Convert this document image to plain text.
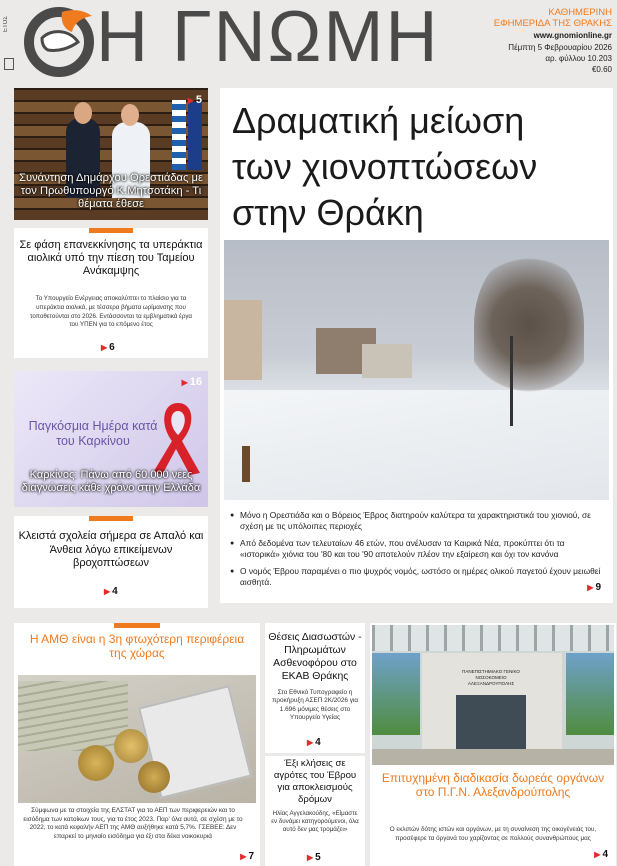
ΕΤΟΣ Η ΓΝΩΜΗ	ΚΑΘΗΜΕΡΙΝΗ
ΕΦΗΜΕΡΙΔΑ ΤΗΣ ΘΡΑΚΗΣ
www.gnomionline.gr
Πέμπτη 5 Φεβρουαρίου 2026
αρ. φύλλου 10.203
€0.60
▶ 5
Συνάντηση Δημάρχου Ορεστιάδας με τον Πρωθυπουργό Κ.Μητσοτάκη - Τι θέματα έθεσε
Σε φάση επανεκκίνησης τα υπεράκτια αιολικά υπό την πίεση του Ταμείου Ανάκαμψης
Το Υπουργείο Ενέργειας αποκαλύπτει το πλαίσιο για τα υπεράκτια αιολικά, με τέσσερα βήματα ωρίμανσης που τοποθετούνται στο 2026. Εντάσσονται τα εμβληματικά έργα του ΥΠΕΝ για το επόμενο έτος
▶ 6
▶ 16
Παγκόσμια Ημέρα κατά του Καρκίνου
Καρκίνος: Πάνω από 60.000 νέες διαγνώσεις κάθε χρόνο στην Ελλάδα
Κλειστά σχολεία σήμερα σε Απαλό και Άνθεια λόγω επικείμενων βροχοπτώσεων
▶ 4
Δραματική μείωση των χιονοπτώσεων στην Θράκη
● Μόνο η Ορεστιάδα και ο Βόρειος Έβρος διατηρούν καλύτερα τα χαρακτηριστικά του χιονιού, σε σχέση με τις υπόλοιπες περιοχές
● Από δεδομένα των τελευταίων 46 ετών, που ανέλυσαν τα Καιρικά Νέα, προκύπτει ότι τα «ιστορικά» χιόνια του '80 και του '90 αποτελούν πλέον την εξαίρεση και όχι τον κανόνα
● Ο νομός Έβρου παραμένει ο πιο ψυχρός νομός, ωστόσο οι ημέρες ολικού παγετού έχουν μειωθεί αισθητά.
▶ 9
Η ΑΜΘ είναι η 3η φτωχότερη περιφέρεια της χώρας
Σύμφωνα με τα στοιχεία της ΕΛΣΤΑΤ για το ΑΕΠ των περιφερειών και το εισόδημα των κατοίκων τους, για το έτος 2023. Παρ' όλα αυτά, σε σχέση με το 2022, το κατά κεφαλήν ΑΕΠ της ΑΜΘ αυξήθηκε κατά 5,7%. ΓΣΕΒΕΕ: Δεν επαρκεί το μηνιαίο εισόδημα για έξι στα δέκα νοικοκυριά
▶ 7
Θέσεις Διασωστών - Πληρωμάτων Ασθενοφόρου στο ΕΚΑΒ Θράκης
Στο Εθνικό Τυπογραφείο η προκήρυξη ΑΣΕΠ 2Κ/2026 για 1.696 μόνιμες θέσεις στο Υπουργείο Υγείας
▶ 4
Έξι κλήσεις σε αγρότες του Έβρου για αποκλεισμούς δρόμων
Ηλίας Αγγελακούδης, «Είμαστε εν δυνάμει κατηγορούμενοι, όλα αυτό δεν μας τρομάζει»
▶ 5
ΠΑΝΕΠΙΣΤΗΜΙΑΚΟ ΓΕΝΙΚΟ ΝΟΣΟΚΟΜΕΙΟ ΑΛΕΞΑΝΔΡΟΥΠΟΛΗΣ
Επιτυχημένη διαδικασία δωρεάς οργάνων στο Π.Γ.Ν. Αλεξανδρούπολης
Ο εκλιπών δότης ιστών και οργάνων, με τη συναίνεση της οικογένειάς του, προσέφερε τα όργανά του χαρίζοντας σε πολλούς συνανθρώπους μας
▶ 4
